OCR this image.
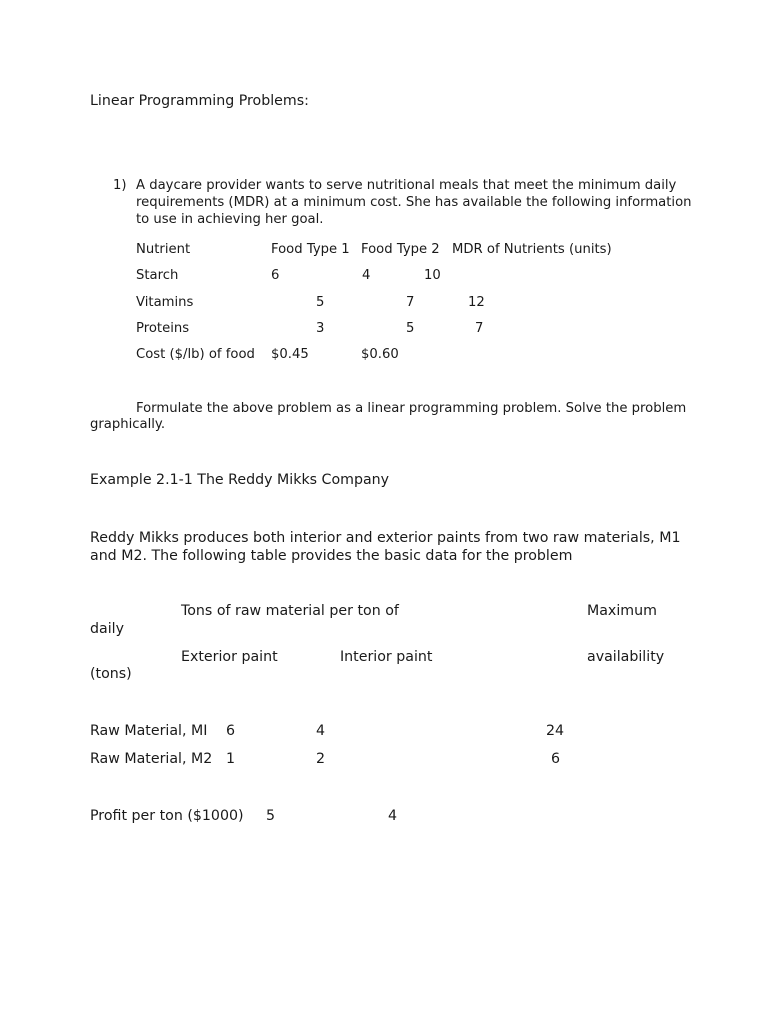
Linear Programming Problems:
1) A daycare provider wants to serve nutritional meals that meet the minimum daily
requirements (MDR) at a minimum cost. She has available the following information
to use in achieving her goal.
Nutrient	Food Type 1 Food Type 2 MDR of Nutrients (units)
Starch	6	4	10
Vitamins	5	7	12
Proteins	3	5	7
Cost ($/lb) of food $0.45	$0.60
Formulate the above problem as a linear programming problem. Solve the problem
graphically.
Example 2.1-1 The Reddy Mikks Company
Reddy Mikks produces both interior and exterior paints from two raw materials, M1
and M2. The following table provides the basic data for the problem
Tons of raw material per ton of	Maximum
daily
Exterior paint	Interior paint	availability
(tons)
Raw Material, MI 6	4	24
Raw Material, M2 1	2	6
Profit per ton ($1000) 5	4
